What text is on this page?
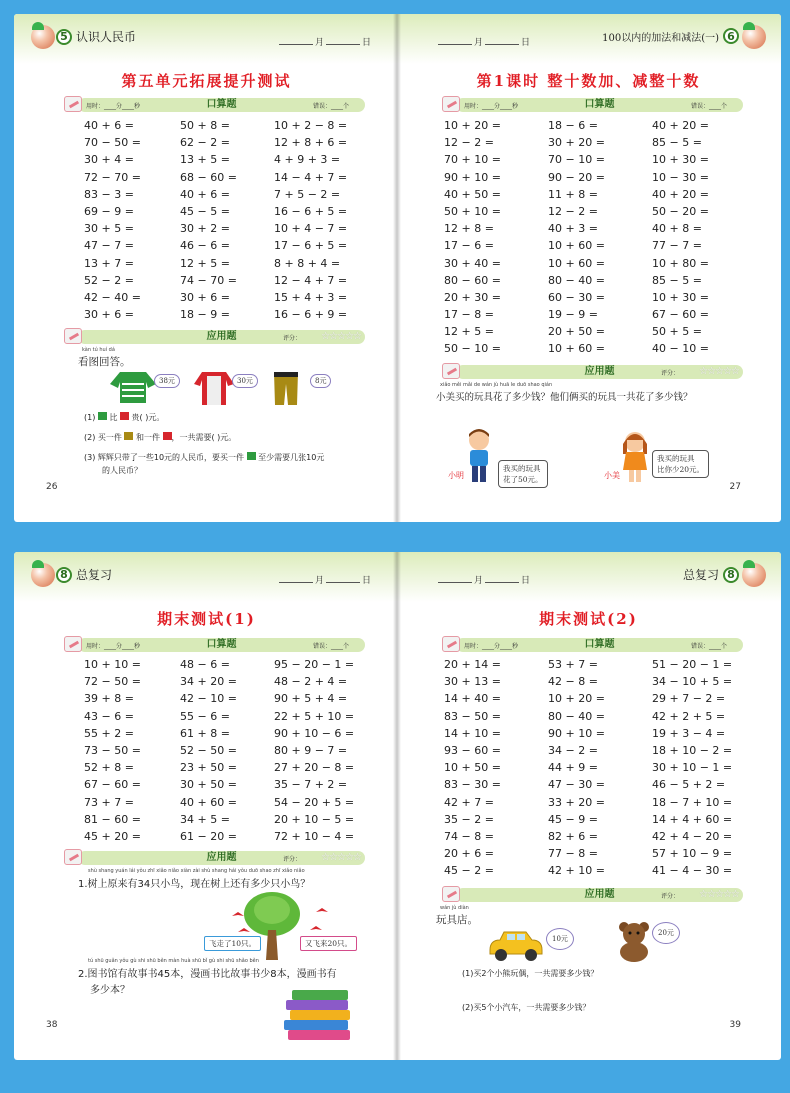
5 认识人民币	月	日
第五单元拓展提升测试
用时：____分____秒	口算题	错误：____个
40 + 6 =	50 + 8 =	10 + 2 − 8 =
70 − 50 =	62 − 2 =	12 + 8 + 6 =
30 + 4 =	13 + 5 =	4 + 9 + 3 =
72 − 70 =	68 − 60 =	14 − 4 + 7 =
83 − 3 =	40 + 6 =	7 + 5 − 2 =
69 − 9 =	45 − 5 =	16 − 6 + 5 =
30 + 5 =	30 + 2 =	10 + 4 − 7 =
47 − 7 =	46 − 6 =	17 − 6 + 5 =
13 + 7 =	12 + 5 =	8 + 8 + 4 =
52 − 2 =	74 − 70 =	12 − 4 + 7 =
42 − 40 =	30 + 6 =	15 + 4 + 3 =
30 + 6 =	18 − 9 =	16 − 6 + 9 =
应用题	评分： ☆☆☆☆☆
kàn tú huí dá
看图回答。
38元	30元	8元
(1) 比 贵( )元。
(2) 买一件 和一件 ，一共需要( )元。
(3) 辉辉只带了一些10元的人民币，要买一件 至少需要几张10元
的人民币？
26
月	日	100以内的加法和减法(一) 6
第1课时 整十数加、减整十数
用时：____分____秒	口算题	错误：____个
10 + 20 =	18 − 6 =	40 + 20 =
12 − 2 =	30 + 20 =	85 − 5 =
70 + 10 =	70 − 10 =	10 + 30 =
90 + 10 =	90 − 20 =	10 − 30 =
40 + 50 =	11 + 8 =	40 + 20 =
50 + 10 =	12 − 2 =	50 − 20 =
12 + 8 =	40 + 3 =	40 + 8 =
17 − 6 =	10 + 60 =	77 − 7 =
30 + 40 =	10 + 60 =	10 + 80 =
80 − 60 =	80 − 40 =	85 − 5 =
20 + 30 =	60 − 30 =	10 + 30 =
17 − 8 =	19 − 9 =	67 − 60 =
12 + 5 =	20 + 50 =	50 + 5 =
50 − 10 =	10 + 60 =	40 − 10 =
应用题	评分： ☆☆☆☆☆
xiǎo měi mǎi de wán jù huā le duō shao qián
小美买的玩具花了多少钱？他们俩买的玩具一共花了多少钱？
小明
我买的玩具
花了50元。	小美
我买的玩具
比你少20元。
27
8 总复习	月	日
期末测试(1)
用时：____分____秒	口算题	错误：____个
10 + 10 =	48 − 6 =	95 − 20 − 1 =
72 − 50 =	34 + 20 =	48 − 2 + 4 =
39 + 8 =	42 − 10 =	90 + 5 + 4 =
43 − 6 =	55 − 6 =	22 + 5 + 10 =
55 + 2 =	61 + 8 =	90 + 10 − 6 =
73 − 50 =	52 − 50 =	80 + 9 − 7 =
52 + 8 =	23 + 50 =	27 + 20 − 8 =
67 − 60 =	30 + 50 =	35 − 7 + 2 =
73 + 7 =	40 + 60 =	54 − 20 + 5 =
81 − 60 =	34 + 5 =	20 + 10 − 5 =
45 + 20 =	61 − 20 =	72 + 10 − 4 =
应用题	评分： ☆☆☆☆☆
shù shang yuán lái yǒu zhī xiǎo niǎo xiàn zài shù shang hái yǒu duō shao zhī xiǎo niǎo
1.树上原来有34只小鸟，现在树上还有多少只小鸟？
飞走了10只。	又飞来20只。
tú shū guǎn yǒu gù shi shū běn màn huà shū bǐ gù shi shū shǎo běn
2.图书馆有故事书45本，漫画书比故事书少8本，漫画书有
多少本？
38
月	日	总复习 8
期末测试(2)
用时：____分____秒	口算题	错误：____个
20 + 14 =	53 + 7 =	51 − 20 − 1 =
30 + 13 =	42 − 8 =	34 − 10 + 5 =
14 + 40 =	10 + 20 =	29 + 7 − 2 =
83 − 50 =	80 − 40 =	42 + 2 + 5 =
14 + 10 =	90 + 10 =	19 + 3 − 4 =
93 − 60 =	34 − 2 =	18 + 10 − 2 =
10 + 50 =	44 + 9 =	30 + 10 − 1 =
83 − 30 =	47 − 30 =	46 − 5 + 2 =
42 + 7 =	33 + 20 =	18 − 7 + 10 =
35 − 2 =	45 − 9 =	14 + 4 + 60 =
74 − 8 =	82 + 6 =	42 + 4 − 20 =
20 + 6 =	77 − 8 =	57 + 10 − 9 =
45 − 2 =	42 + 10 =	41 − 4 − 30 =
应用题	评分： ☆☆☆☆☆
wán jù diàn
玩具店。
10元
20元
(1)买2个小熊玩偶，一共需要多少钱？
(2)买5个小汽车，一共需要多少钱？
39
